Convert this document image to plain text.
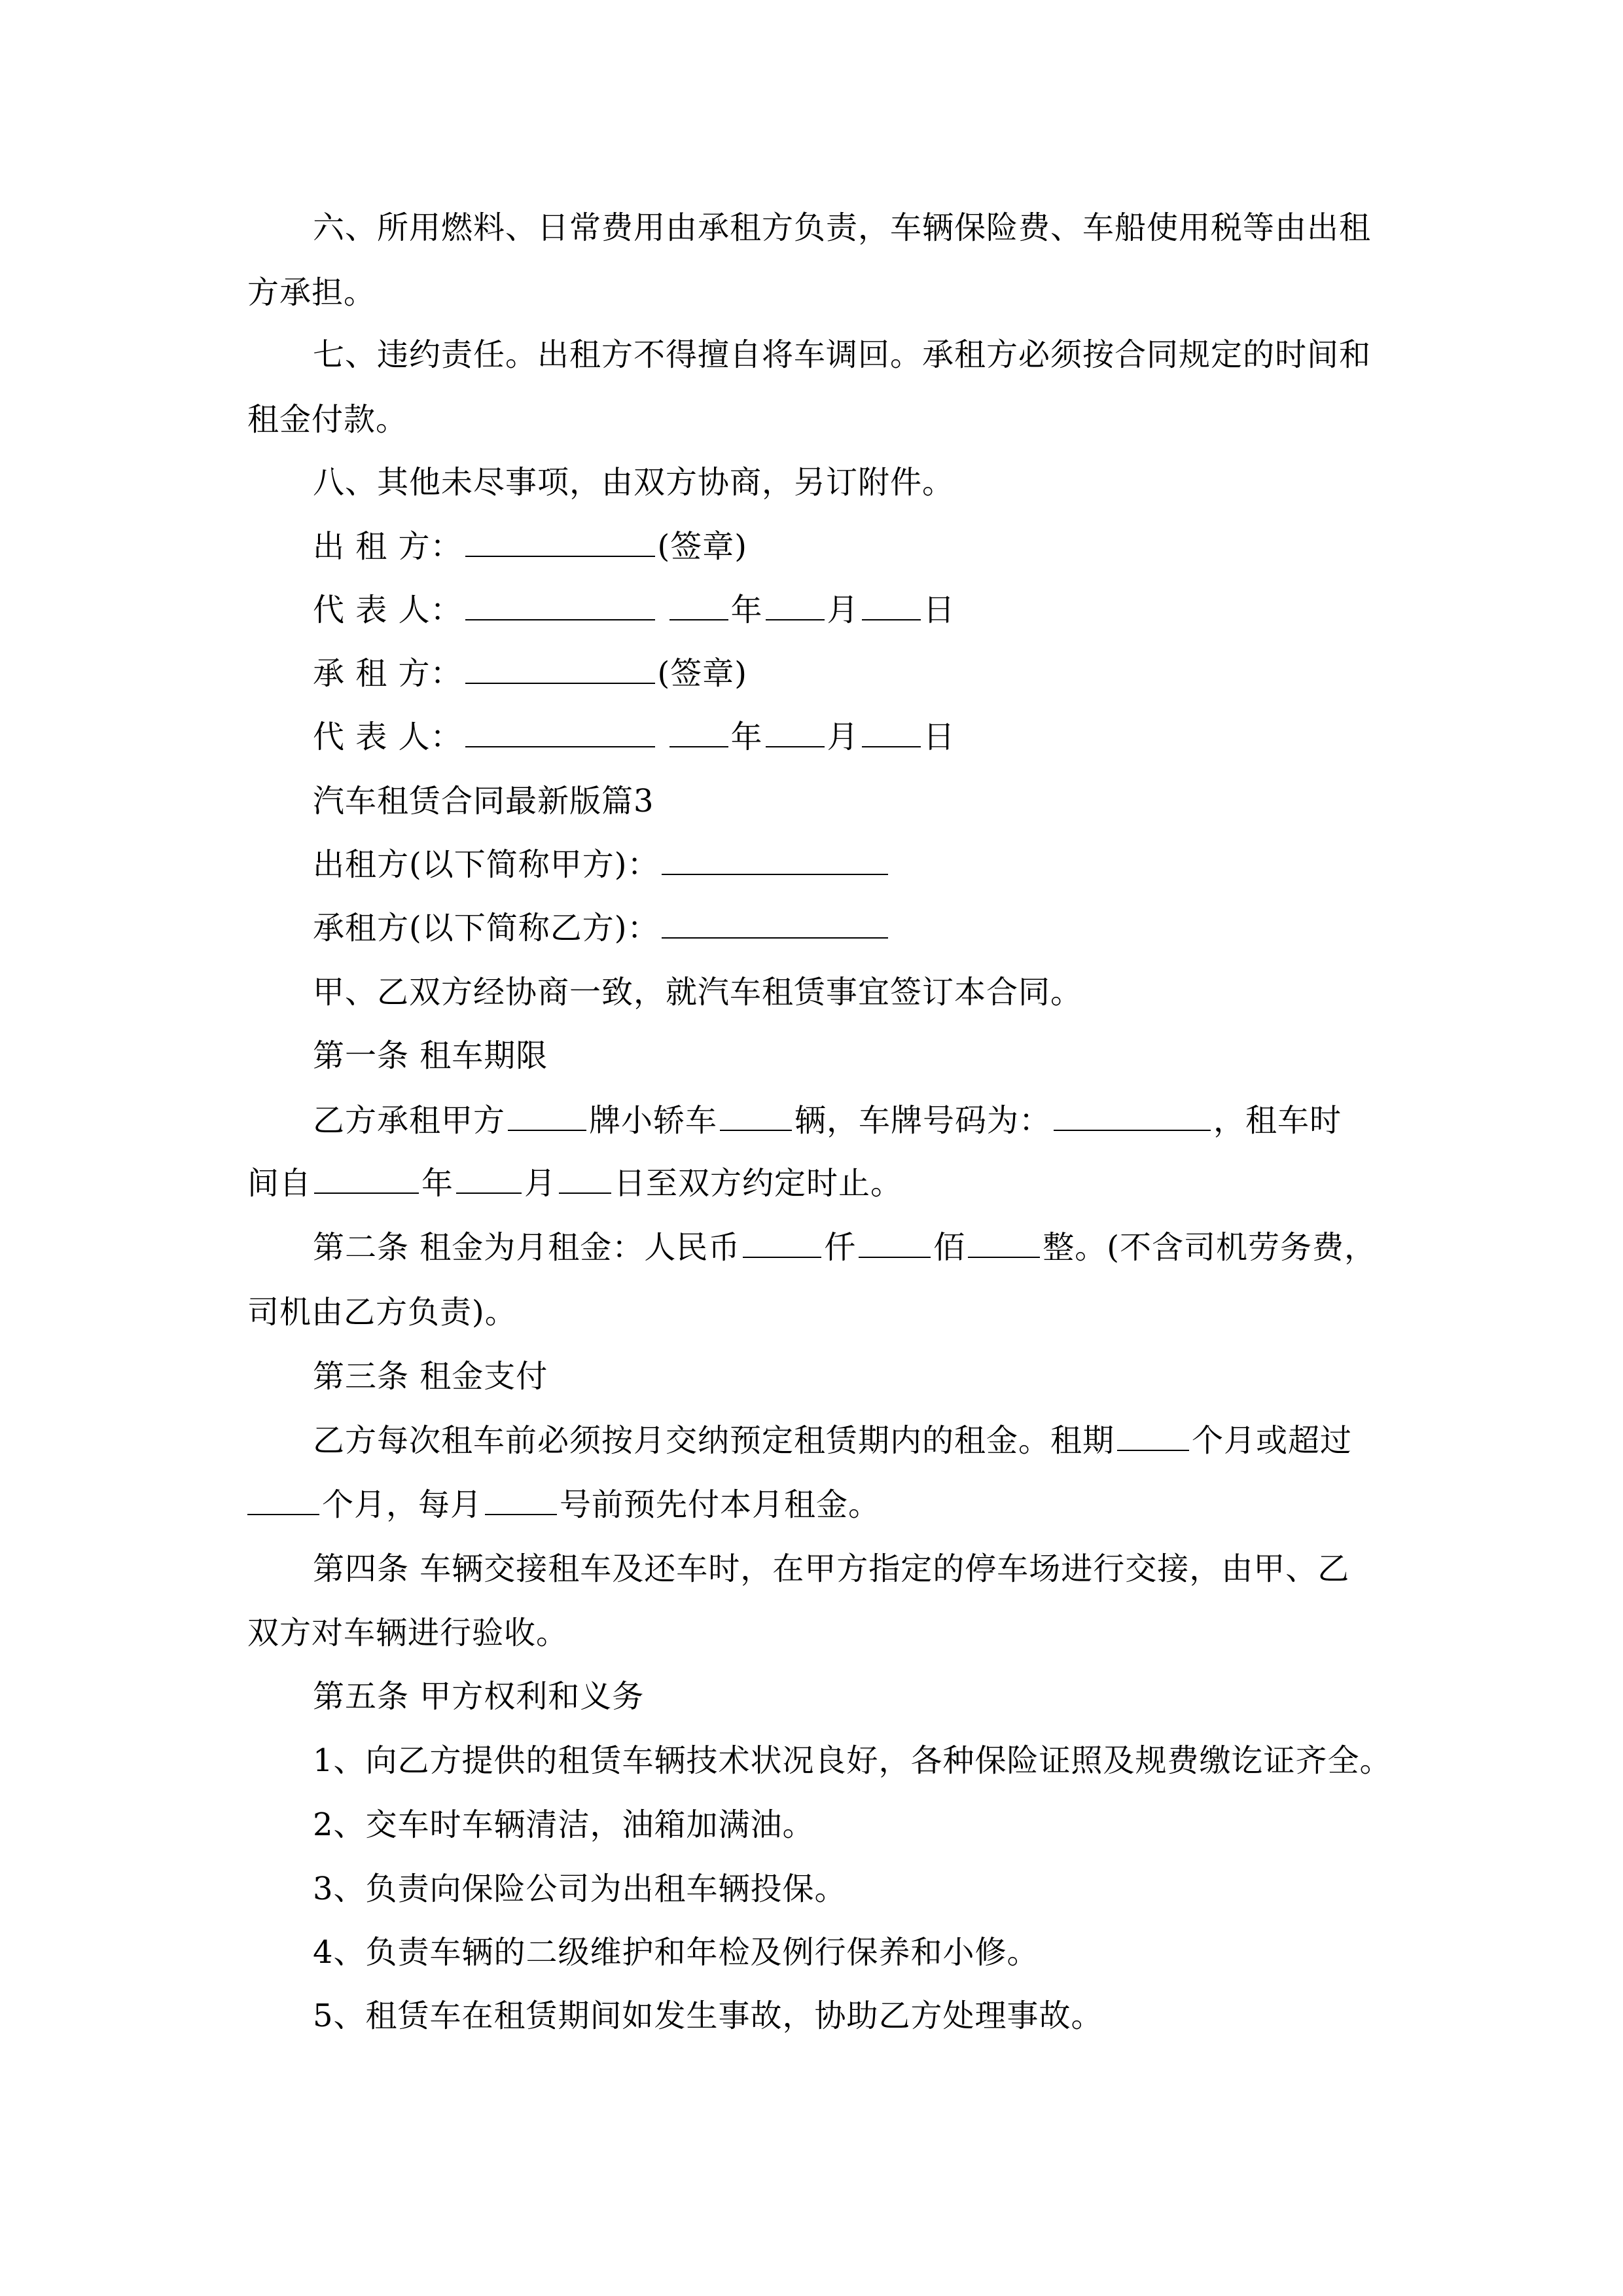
六、所用燃料、日常费用由承租方负责，车辆保险费、车船使用税等由出租
方承担。
七、违约责任。出租方不得擅自将车调回。承租方必须按合同规定的时间和
租金付款。
八、其他未尽事项，由双方协商，另订附件。
出 租 方：	(签章)
代 表 人：	年 月 日
承 租 方：	(签章)
代 表 人：	年 月 日
汽车租赁合同最新版篇3
出租方(以下简称甲方)：
承租方(以下简称乙方)：
甲、乙双方经协商一致，就汽车租赁事宜签订本合同。
第一条 租车期限
乙方承租甲方	牌小轿车 辆，车牌号码为：	，租车时
间自	年 月 日至双方约定时止。
第二条 租金为月租金：人民币	仟 佰 整。(不含司机劳务费，
司机由乙方负责)。
第三条 租金支付
乙方每次租车前必须按月交纳预定租赁期内的租金。租期 个月或超过
个月，每月 号前预先付本月租金。
第四条 车辆交接租车及还车时，在甲方指定的停车场进行交接，由甲、乙
双方对车辆进行验收。
第五条 甲方权利和义务
1、向乙方提供的租赁车辆技术状况良好，各种保险证照及规费缴讫证齐全。
2、交车时车辆清洁，油箱加满油。
3、负责向保险公司为出租车辆投保。
4、负责车辆的二级维护和年检及例行保养和小修。
5、租赁车在租赁期间如发生事故，协助乙方处理事故。
